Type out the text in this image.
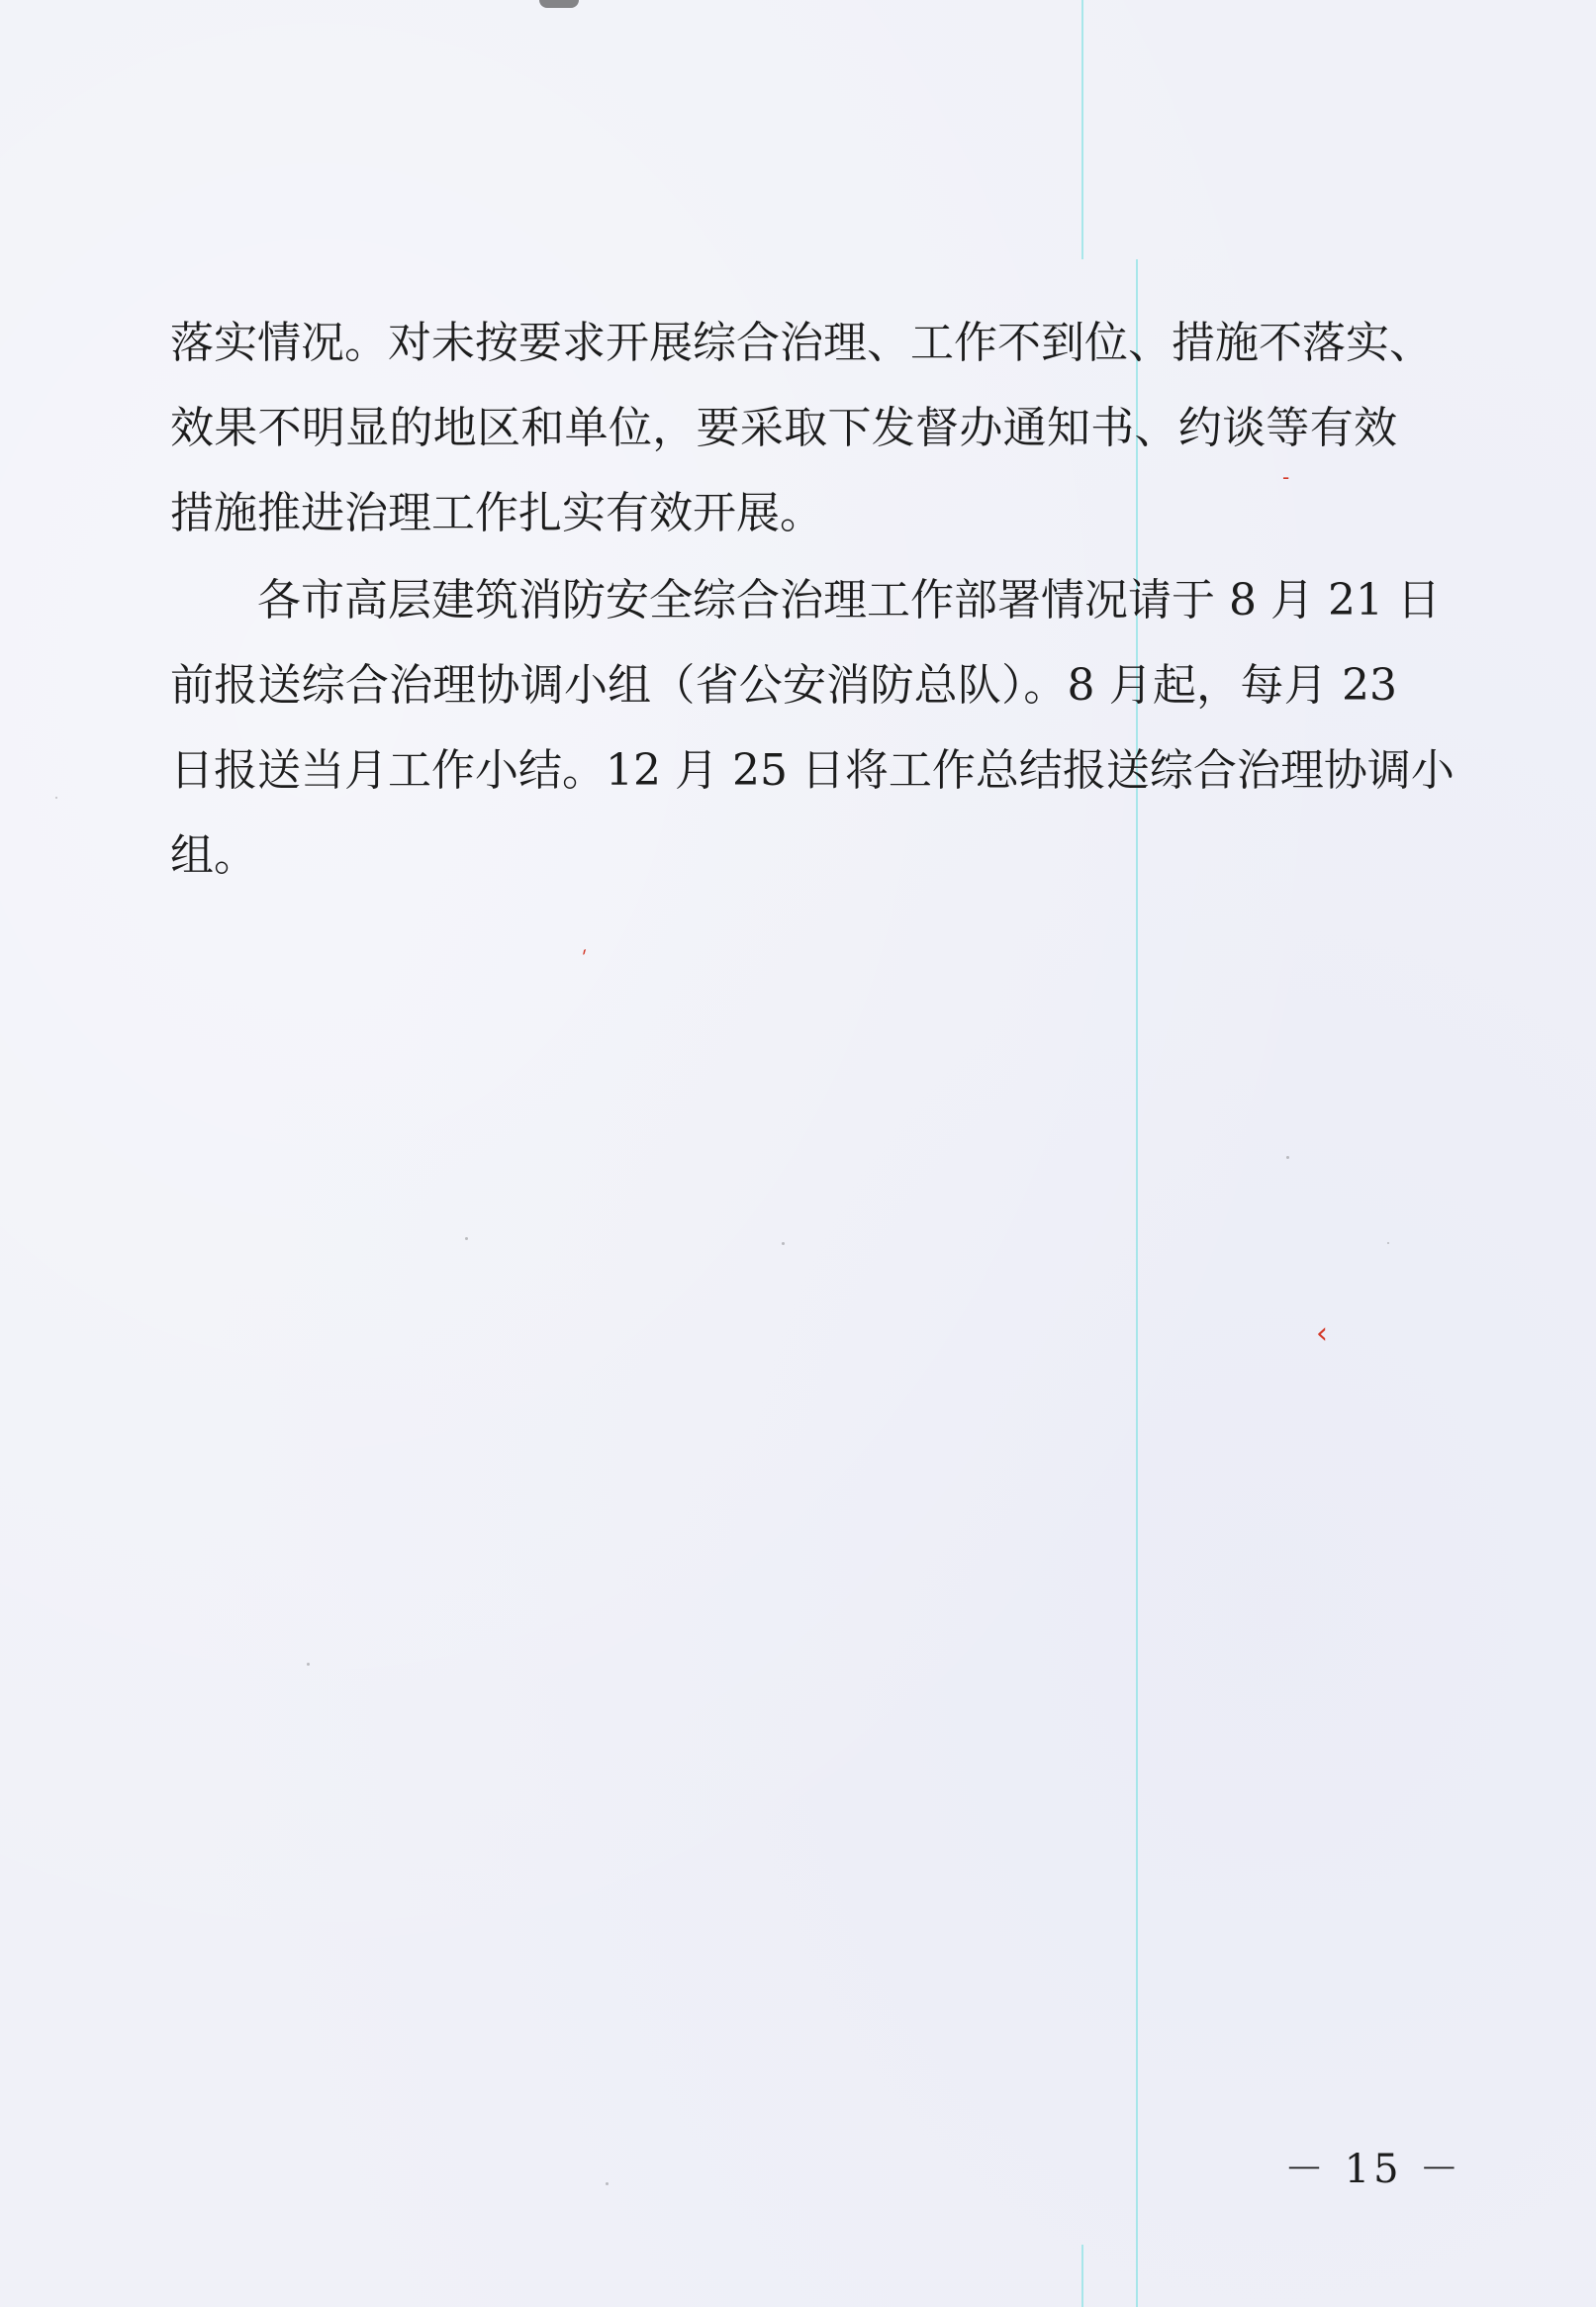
落实情况。对未按要求开展综合治理、工作不到位、措施不落实、
效果不明显的地区和单位，要采取下发督办通知书、约谈等有效
措施推进治理工作扎实有效开展。
各市高层建筑消防安全综合治理工作部署情况请于 8 月 21 日
前报送综合治理协调小组（省公安消防总队）。8 月起，每月 23
日报送当月工作小结。12 月 25 日将工作总结报送综合治理协调小
组。
－ 15 －
ˊ
‹
-
